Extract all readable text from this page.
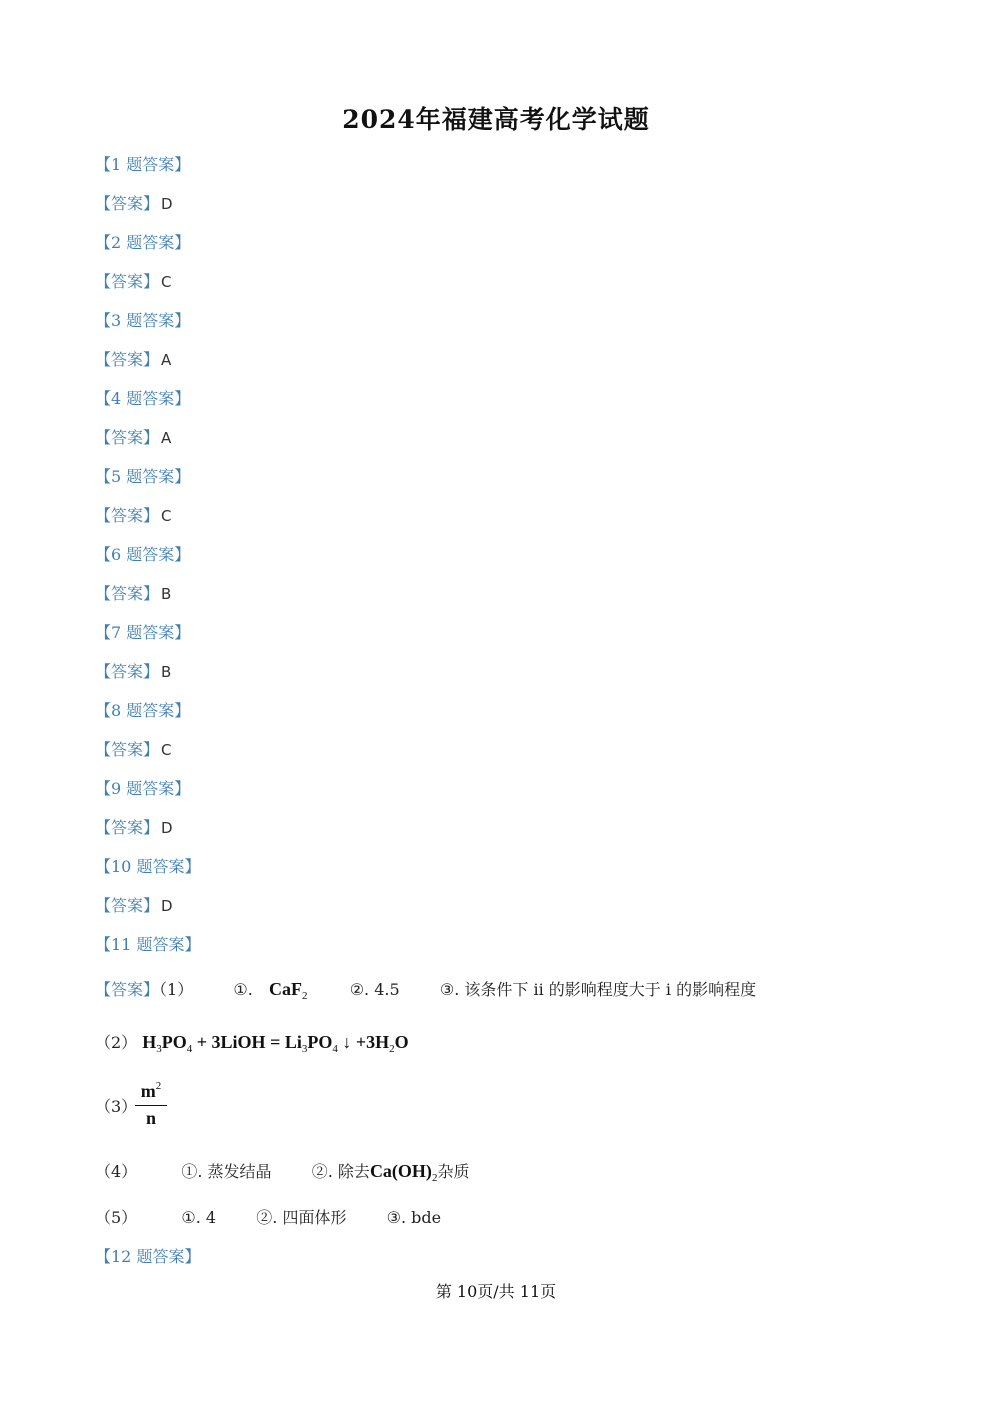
2024年福建高考化学试题
【1 题答案】
【答案】 D
【2 题答案】
【答案】 C
【3 题答案】
【答案】 A
【4 题答案】
【答案】 A
【5 题答案】
【答案】 C
【6 题答案】
【答案】 B
【7 题答案】
【答案】 B
【8 题答案】
【答案】 C
【9 题答案】
【答案】 D
【10 题答案】
【答案】 D
【11 题答案】
【答案】（1）	①. CaF$_2$	②. 4.5	③. 该条件下 ii 的影响程度大于 i 的影响程度
（2） $H_3PO_4$ + 3LiOH = $Li_3PO_4$ ↓ $+3H_2O$
（3）
$\frac{m^2}{n}$
（4）	①. 蒸发结晶	②. 除去$Ca(OH)_2$杂质
（5）	①. 4	②. 四面体形	③. bde
【12 题答案】
第 10页/共 11页
